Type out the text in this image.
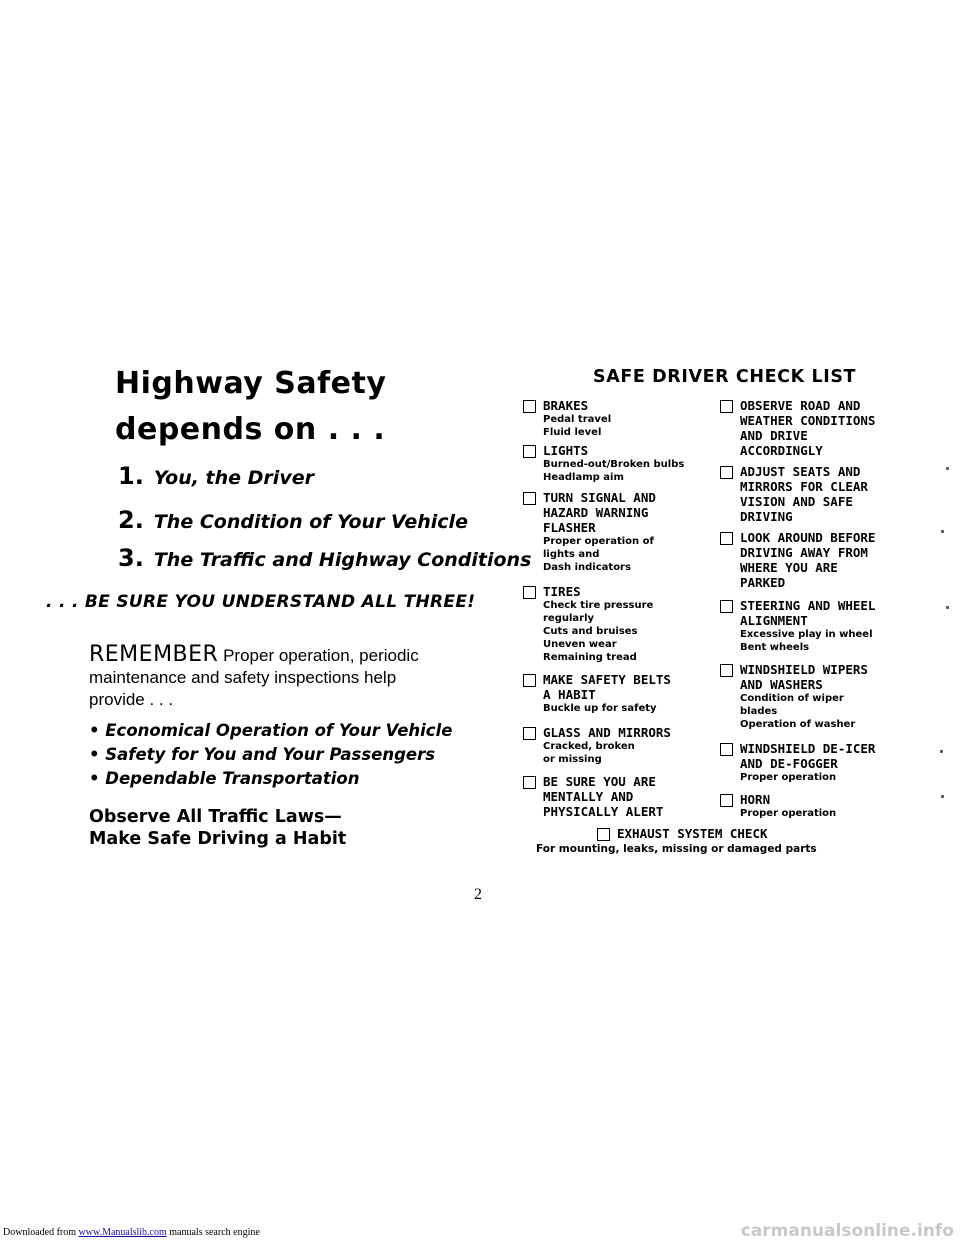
Highway Safety
depends on . . .
1. You, the Driver
2. The Condition of Your Vehicle
3. The Traffic and Highway Conditions
. . . BE SURE YOU UNDERSTAND ALL THREE!
REMEMBER Proper operation, periodic maintenance and safety inspections help provide . . .
• Economical Operation of Your Vehicle
• Safety for You and Your Passengers
• Dependable Transportation
Observe All Traffic Laws—
Make Safe Driving a Habit
SAFE DRIVER CHECK LIST
BRAKES
Pedal travel
Fluid level
LIGHTS
Burned-out/Broken bulbs
Headlamp aim
TURN SIGNAL AND
HAZARD WARNING
FLASHER
Proper operation of
lights and
Dash indicators
TIRES
Check tire pressure
regularly
Cuts and bruises
Uneven wear
Remaining tread
MAKE SAFETY BELTS
A HABIT
Buckle up for safety
GLASS AND MIRRORS
Cracked, broken
or missing
BE SURE YOU ARE
MENTALLY AND
PHYSICALLY ALERT
OBSERVE ROAD AND
WEATHER CONDITIONS
AND DRIVE
ACCORDINGLY
ADJUST SEATS AND
MIRRORS FOR CLEAR
VISION AND SAFE
DRIVING
LOOK AROUND BEFORE
DRIVING AWAY FROM
WHERE YOU ARE
PARKED
STEERING AND WHEEL
ALIGNMENT
Excessive play in wheel
Bent wheels
WINDSHIELD WIPERS
AND WASHERS
Condition of wiper
blades
Operation of washer
WINDSHIELD DE-ICER
AND DE-FOGGER
Proper operation
HORN
Proper operation
EXHAUST SYSTEM CHECK
For mounting, leaks, missing or damaged parts
2
Downloaded from www.Manualslib.com manuals search engine	carmanualsonline.info
